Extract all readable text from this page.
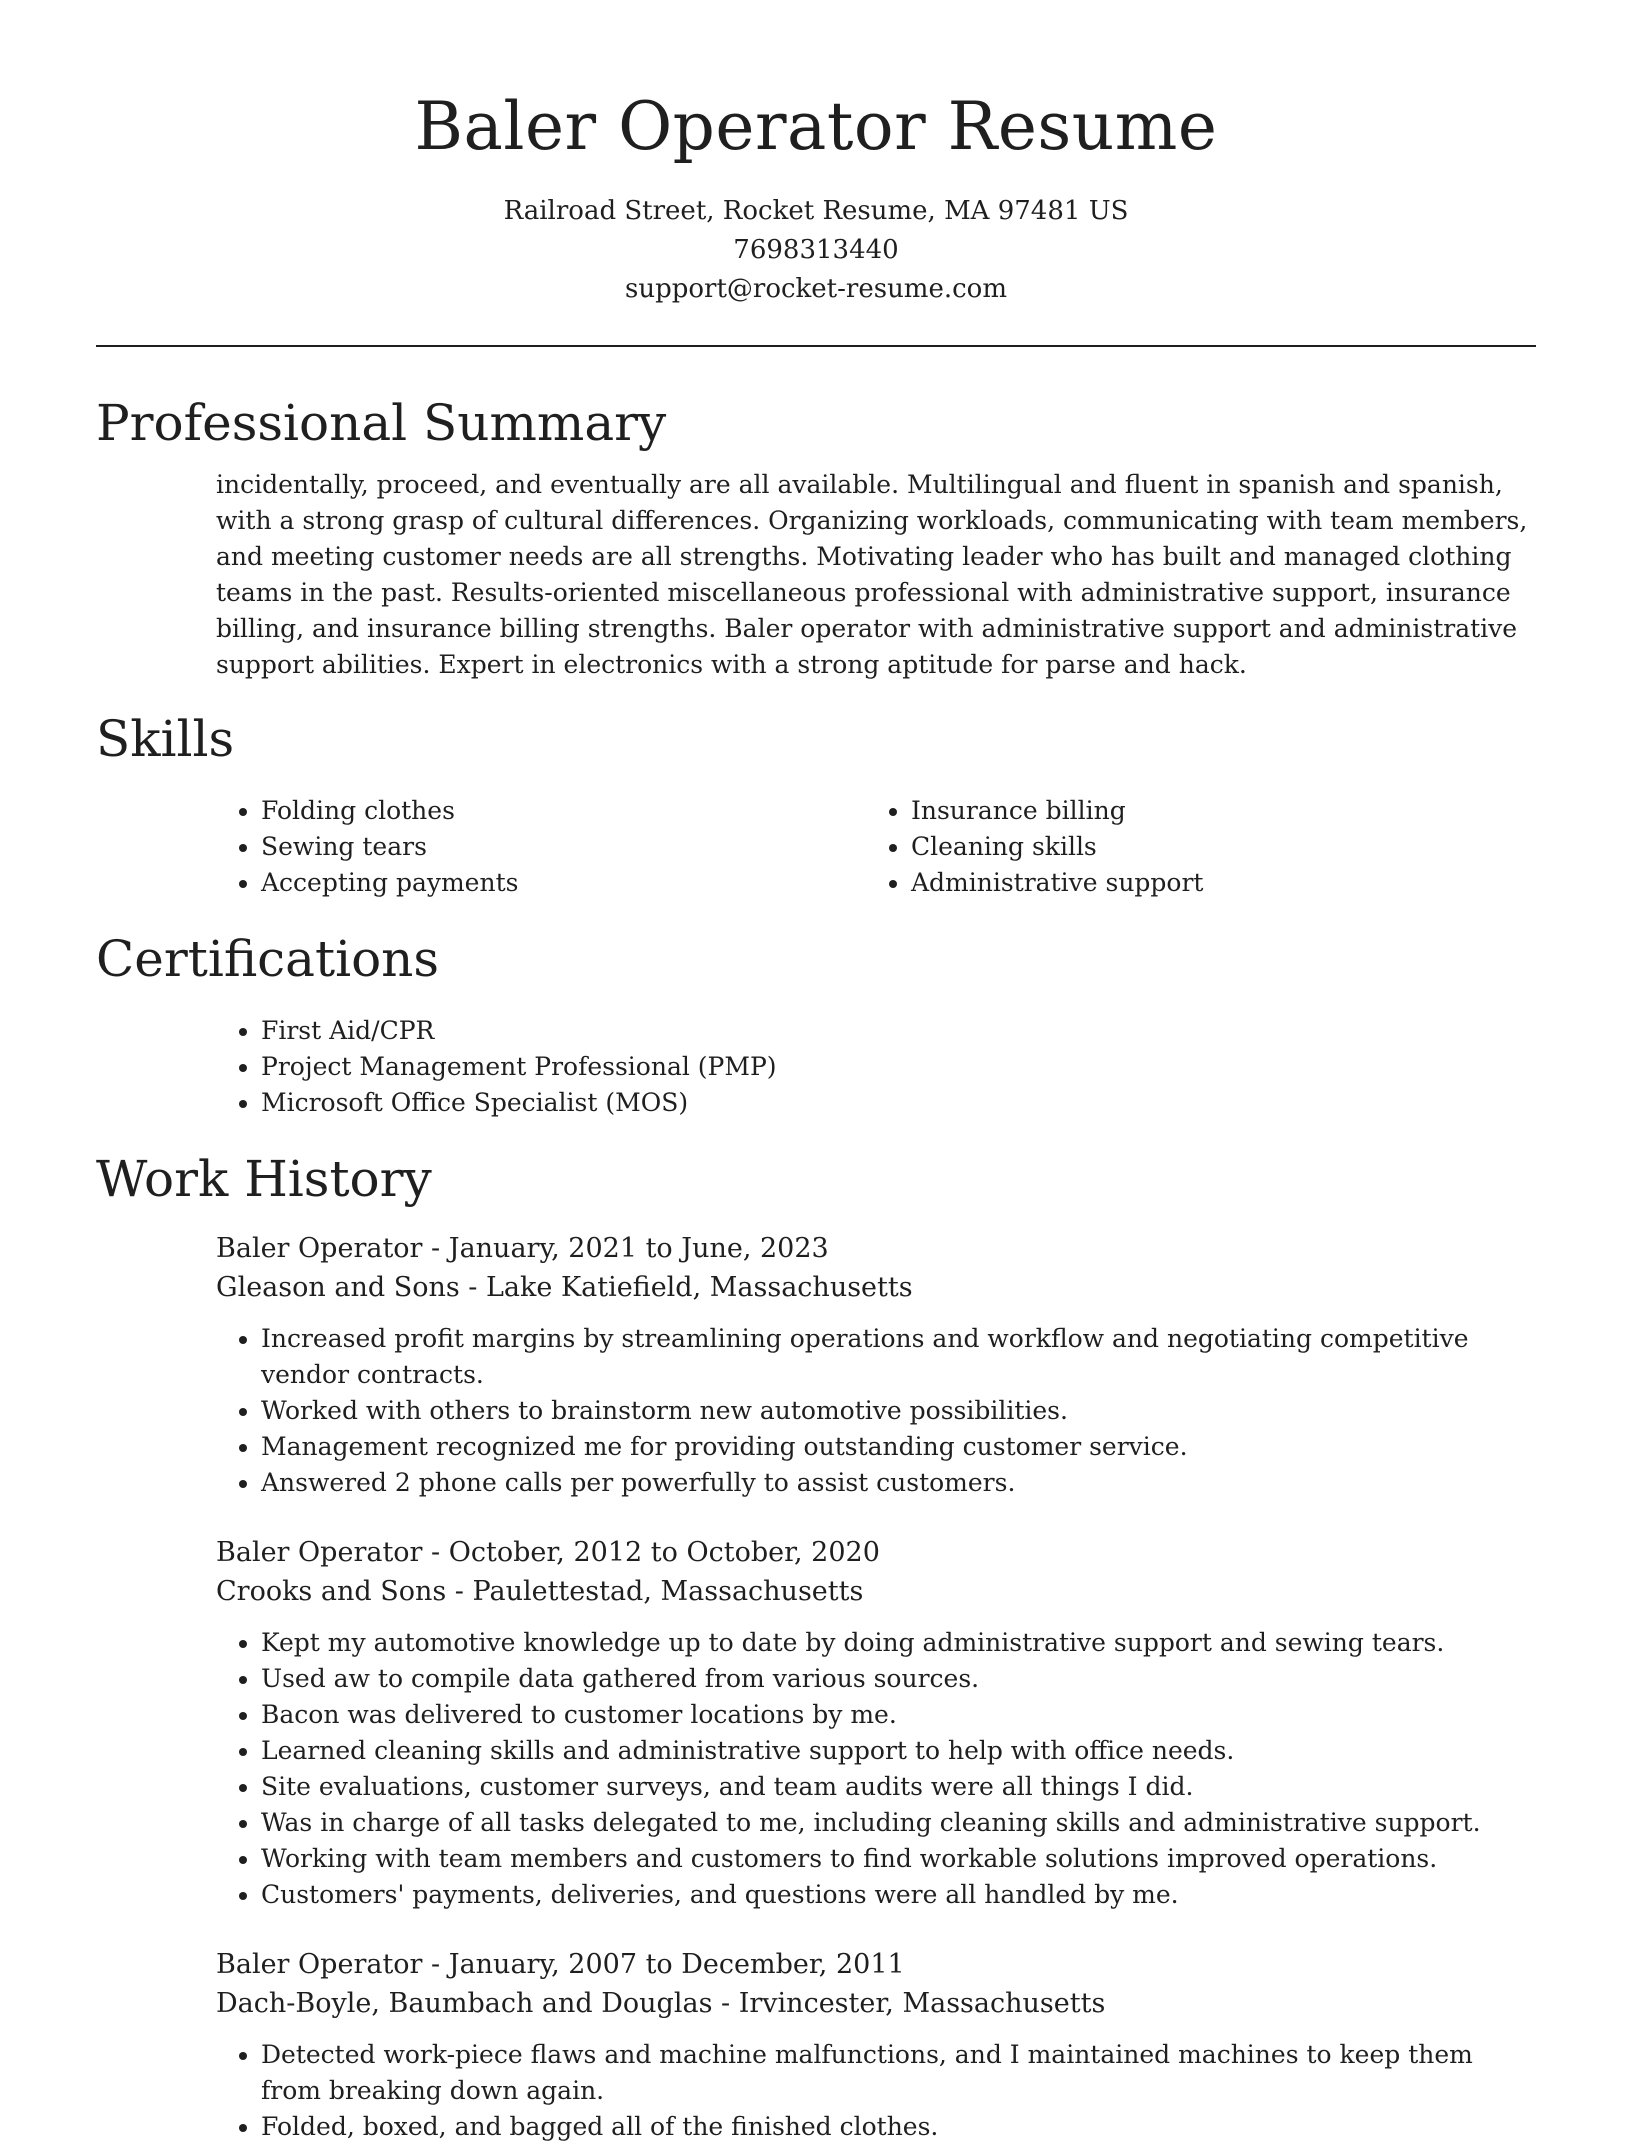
Baler Operator Resume
Railroad Street, Rocket Resume, MA 97481 US
7698313440
support@rocket-resume.com
Professional Summary

incidentally, proceed, and eventually are all available. Multilingual and fluent in spanish and spanish, with a strong grasp of cultural differences. Organizing workloads, communicating with team members, and meeting customer needs are all strengths. Motivating leader who has built and managed clothing teams in the past. Results-oriented miscellaneous professional with administrative support, insurance billing, and insurance billing strengths. Baler operator with administrative support and administrative support abilities. Expert in electronics with a strong aptitude for parse and hack.

Skills
• Folding clothes
• Sewing tears
• Accepting payments
• Insurance billing
• Cleaning skills
• Administrative support
Certifications
• First Aid/CPR
• Project Management Professional (PMP)
• Microsoft Office Specialist (MOS)
Work History
Baler Operator - January, 2021 to June, 2023
Gleason and Sons - Lake Katiefield, Massachusetts
• Increased profit margins by streamlining operations and workflow and negotiating competitive vendor contracts.
• Worked with others to brainstorm new automotive possibilities.
• Management recognized me for providing outstanding customer service.
• Answered 2 phone calls per powerfully to assist customers.
Baler Operator - October, 2012 to October, 2020
Crooks and Sons - Paulettestad, Massachusetts
• Kept my automotive knowledge up to date by doing administrative support and sewing tears.
• Used aw to compile data gathered from various sources.
• Bacon was delivered to customer locations by me.
• Learned cleaning skills and administrative support to help with office needs.
• Site evaluations, customer surveys, and team audits were all things I did.
• Was in charge of all tasks delegated to me, including cleaning skills and administrative support.
• Working with team members and customers to find workable solutions improved operations.
• Customers' payments, deliveries, and questions were all handled by me.
Baler Operator - January, 2007 to December, 2011
Dach-Boyle, Baumbach and Douglas - Irvincester, Massachusetts
• Detected work-piece flaws and machine malfunctions, and I maintained machines to keep them from breaking down again.
• Folded, boxed, and bagged all of the finished clothes.
